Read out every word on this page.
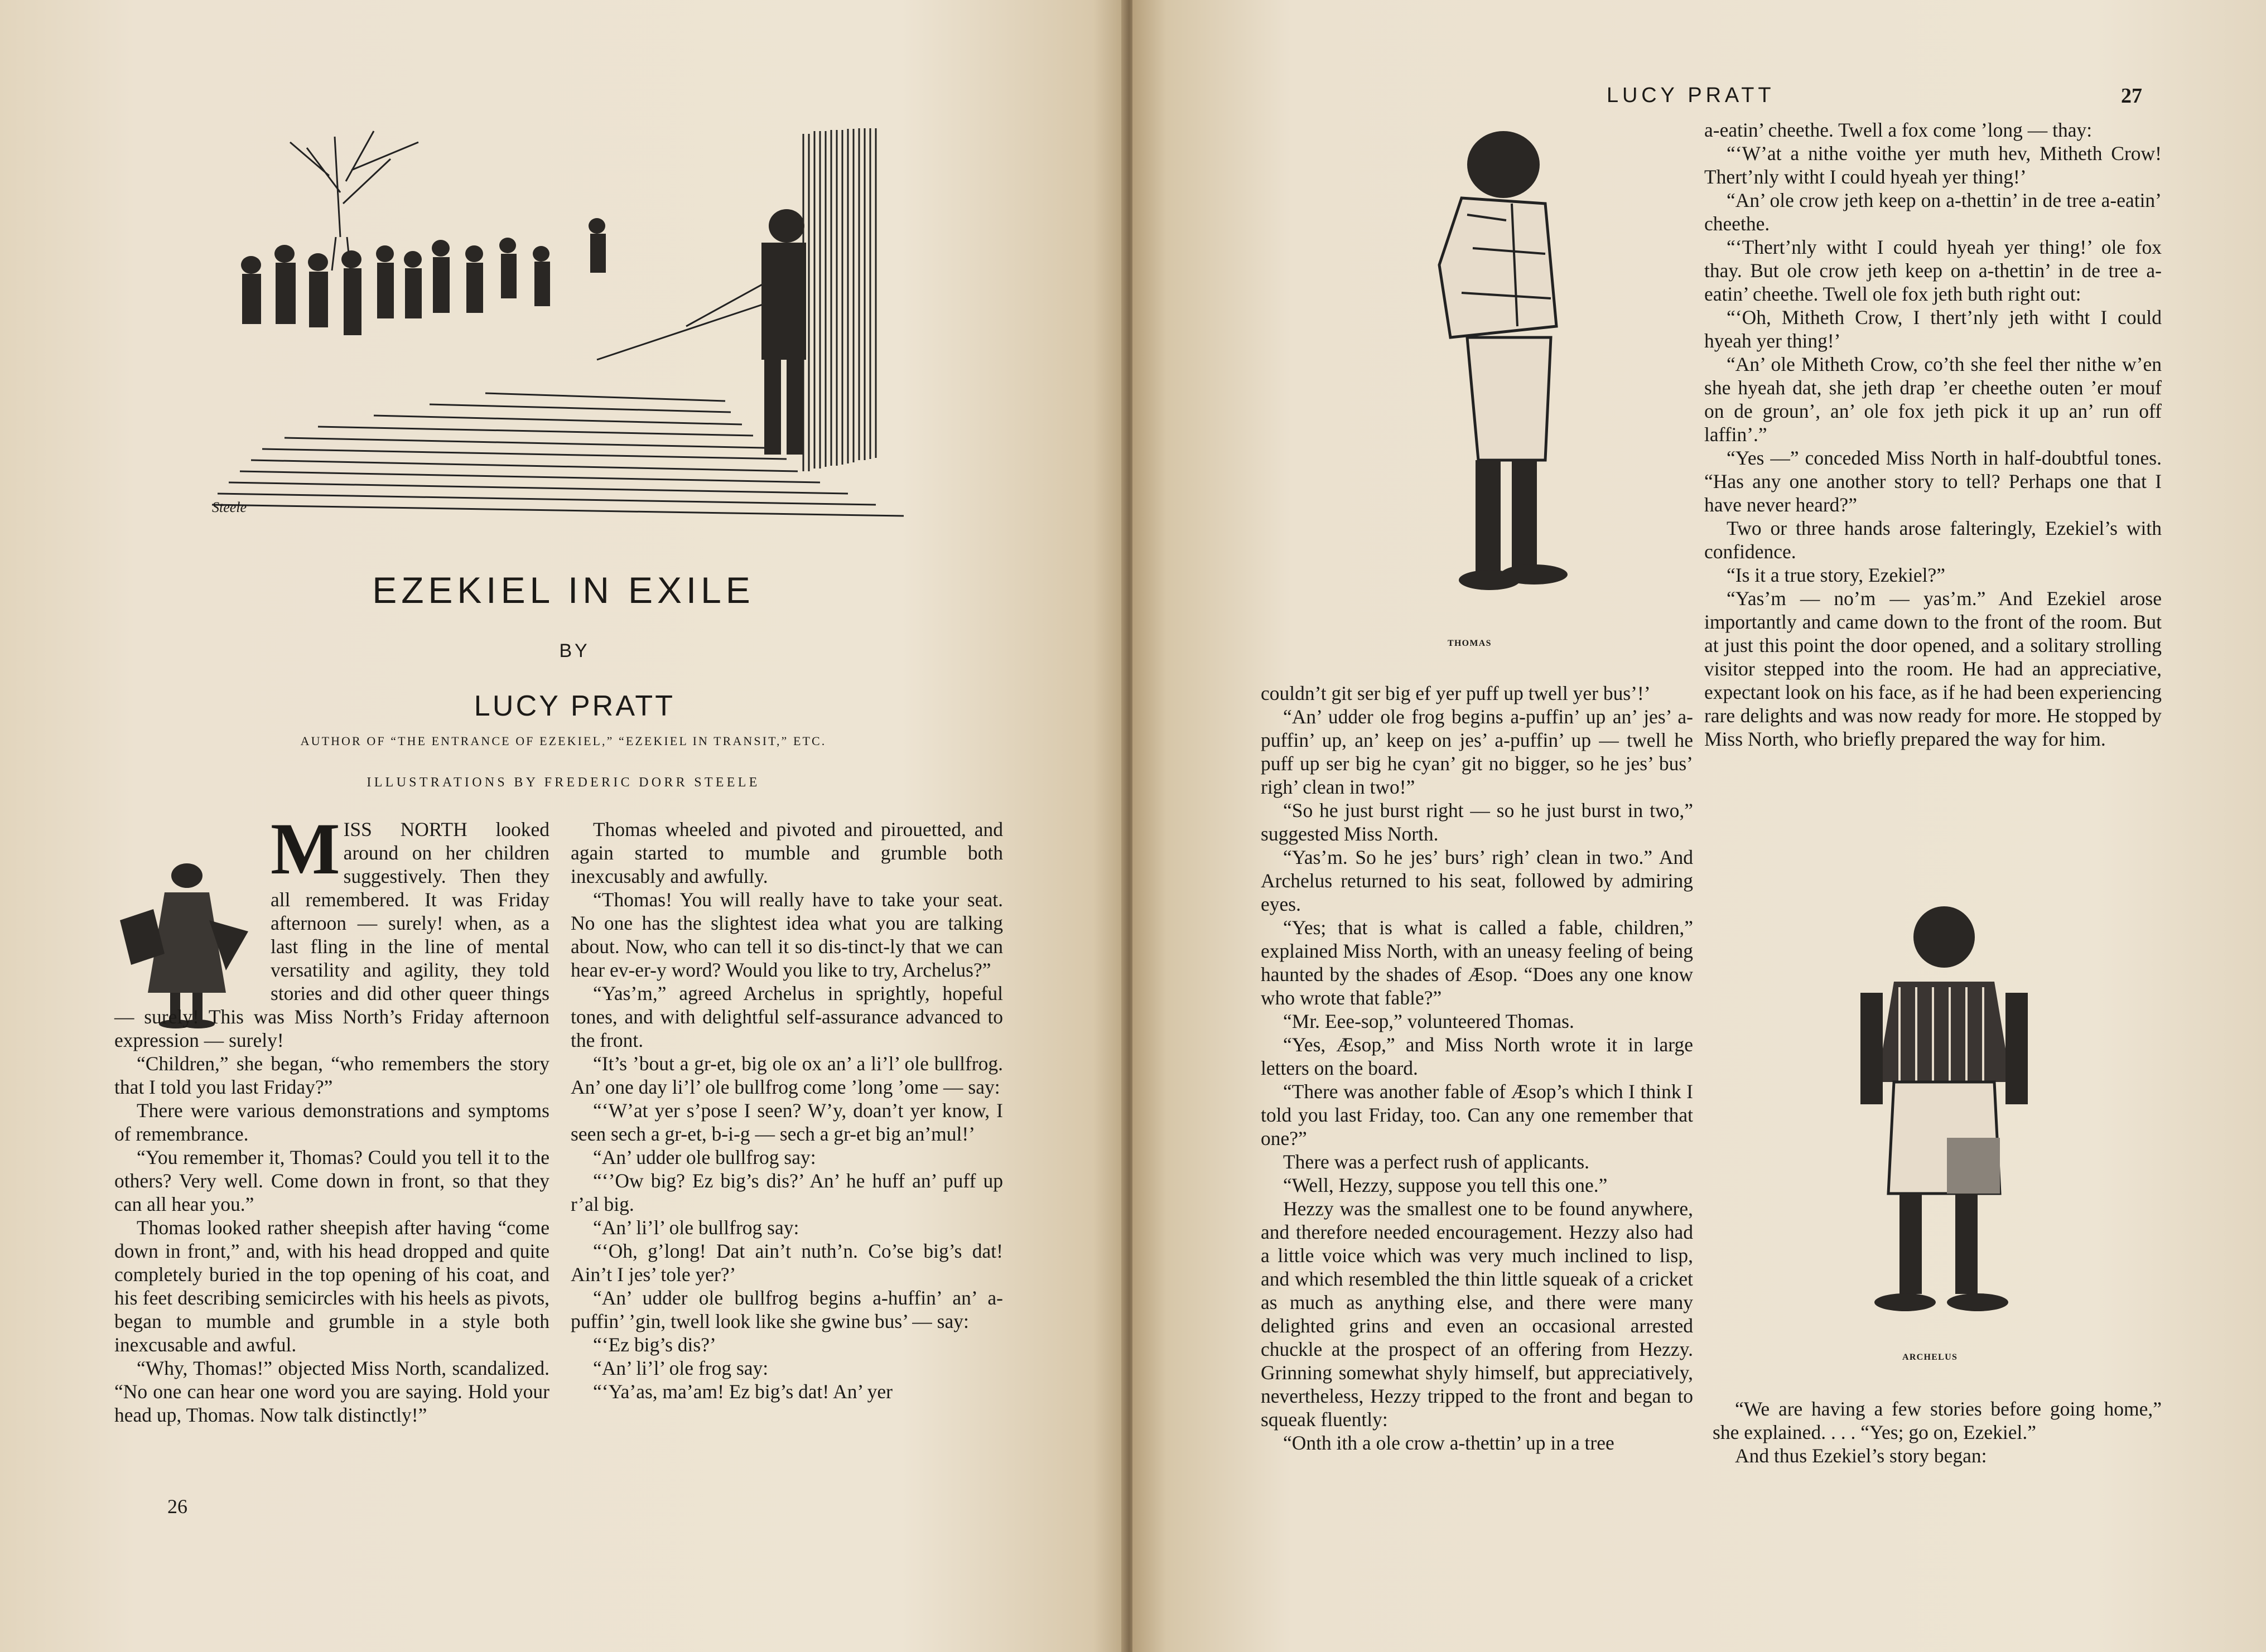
Steele
EZEKIEL IN EXILE
BY
LUCY PRATT
AUTHOR OF “THE ENTRANCE OF EZEKIEL,” “EZEKIEL IN TRANSIT,” ETC.
ILLUSTRATIONS BY FREDERIC DORR STEELE
M ISS NORTH looked around on her children suggestively. Then they all remembered. It was Friday afternoon — surely! when, as a last fling in the line of mental versatility and agility, they told stories and did other queer things — surely! This was Miss North’s Friday afternoon expression — surely!

“Children,” she began, “who remembers the story that I told you last Friday?”

There were various demonstrations and symptoms of remembrance.

“You remember it, Thomas? Could you tell it to the others? Very well. Come down in front, so that they can all hear you.”

Thomas looked rather sheepish after having “come down in front,” and, with his head dropped and quite completely buried in the top opening of his coat, and his feet describing semicircles with his heels as pivots, began to mumble and grumble in a style both inexcusable and awful.

“Why, Thomas!” objected Miss North, scandalized. “No one can hear one word you are saying. Hold your head up, Thomas. Now talk distinctly!”

26

Thomas wheeled and pivoted and pirouetted, and again started to mumble and grumble both inexcusably and awfully.

“Thomas! You will really have to take your seat. No one has the slightest idea what you are talking about. Now, who can tell it so dis-tinct-ly that we can hear ev-er-y word? Would you like to try, Archelus?”

“Yas’m,” agreed Archelus in sprightly, hopeful tones, and with delightful self-assurance advanced to the front.

“It’s ’bout a gr-et, big ole ox an’ a li’l’ ole bullfrog. An’ one day li’l’ ole bullfrog come ’long ’ome — say:

“‘W’at yer s’pose I seen? W’y, doan’t yer know, I seen sech a gr-et, b-i-g — sech a gr-et big an’mul!’

“An’ udder ole bullfrog say:

“‘’Ow big? Ez big’s dis?’ An’ he huff an’ puff up r’al big.

“An’ li’l’ ole bullfrog say:

“‘Oh, g’long! Dat ain’t nuth’n. Co’se big’s dat! Ain’t I jes’ tole yer?’

“An’ udder ole bullfrog begins a-huffin’ an’ a-puffin’ ’gin, twell look like she gwine bus’ — say:

“‘Ez big’s dis?’

“An’ li’l’ ole frog say:

“‘Ya’as, ma’am! Ez big’s dat! An’ yer

LUCY PRATT	27
THOMAS
ARCHELUS

couldn’t git ser big ef yer puff up twell yer bus’!’

“An’ udder ole frog begins a-puffin’ up an’ jes’ a-puffin’ up, an’ keep on jes’ a-puffin’ up — twell he puff up ser big he cyan’ git no bigger, so he jes’ bus’ righ’ clean in two!”

“So he just burst right — so he just burst in two,” suggested Miss North.

“Yas’m. So he jes’ burs’ righ’ clean in two.” And Archelus returned to his seat, followed by admiring eyes.

“Yes; that is what is called a fable, children,” explained Miss North, with an uneasy feeling of being haunted by the shades of Æsop. “Does any one know who wrote that fable?”

“Mr. Eee-sop,” volunteered Thomas.

“Yes, Æsop,” and Miss North wrote it in large letters on the board.

“There was another fable of Æsop’s which I think I told you last Friday, too. Can any one remember that one?”

There was a perfect rush of applicants.

“Well, Hezzy, suppose you tell this one.”

Hezzy was the smallest one to be found anywhere, and therefore needed encouragement. Hezzy also had a little voice which was very much inclined to lisp, and which resembled the thin little squeak of a cricket as much as anything else, and there were many delighted grins and even an occasional arrested chuckle at the prospect of an offering from Hezzy. Grinning somewhat shyly himself, but appreciatively, nevertheless, Hezzy tripped to the front and began to squeak fluently:

“Onth ith a ole crow a-thettin’ up in a tree

a-eatin’ cheethe. Twell a fox come ’long — thay:

“‘W’at a nithe voithe yer muth hev, Mitheth Crow! Thert’nly witht I could hyeah yer thing!’

“An’ ole crow jeth keep on a-thettin’ in de tree a-eatin’ cheethe.

“‘Thert’nly witht I could hyeah yer thing!’ ole fox thay. But ole crow jeth keep on a-thettin’ in de tree a-eatin’ cheethe. Twell ole fox jeth buth right out:

“‘Oh, Mitheth Crow, I thert’nly jeth witht I could hyeah yer thing!’

“An’ ole Mitheth Crow, co’th she feel ther nithe w’en she hyeah dat, she jeth drap ’er cheethe outen ’er mouf on de groun’, an’ ole fox jeth pick it up an’ run off laffin’.”

“Yes —” conceded Miss North in half-doubtful tones. “Has any one another story to tell? Perhaps one that I have never heard?”

Two or three hands arose falteringly, Ezekiel’s with confidence.

“Is it a true story, Ezekiel?”

“Yas’m — no’m — yas’m.” And Ezekiel arose importantly and came down to the front of the room. But at just this point the door opened, and a solitary strolling visitor stepped into the room. He had an appreciative, expectant look on his face, as if he had been experiencing rare delights and was now ready for more. He stopped by Miss North, who briefly prepared the way for him.

“We are having a few stories before going home,” she explained. . . . “Yes; go on, Ezekiel.”

And thus Ezekiel’s story began:
